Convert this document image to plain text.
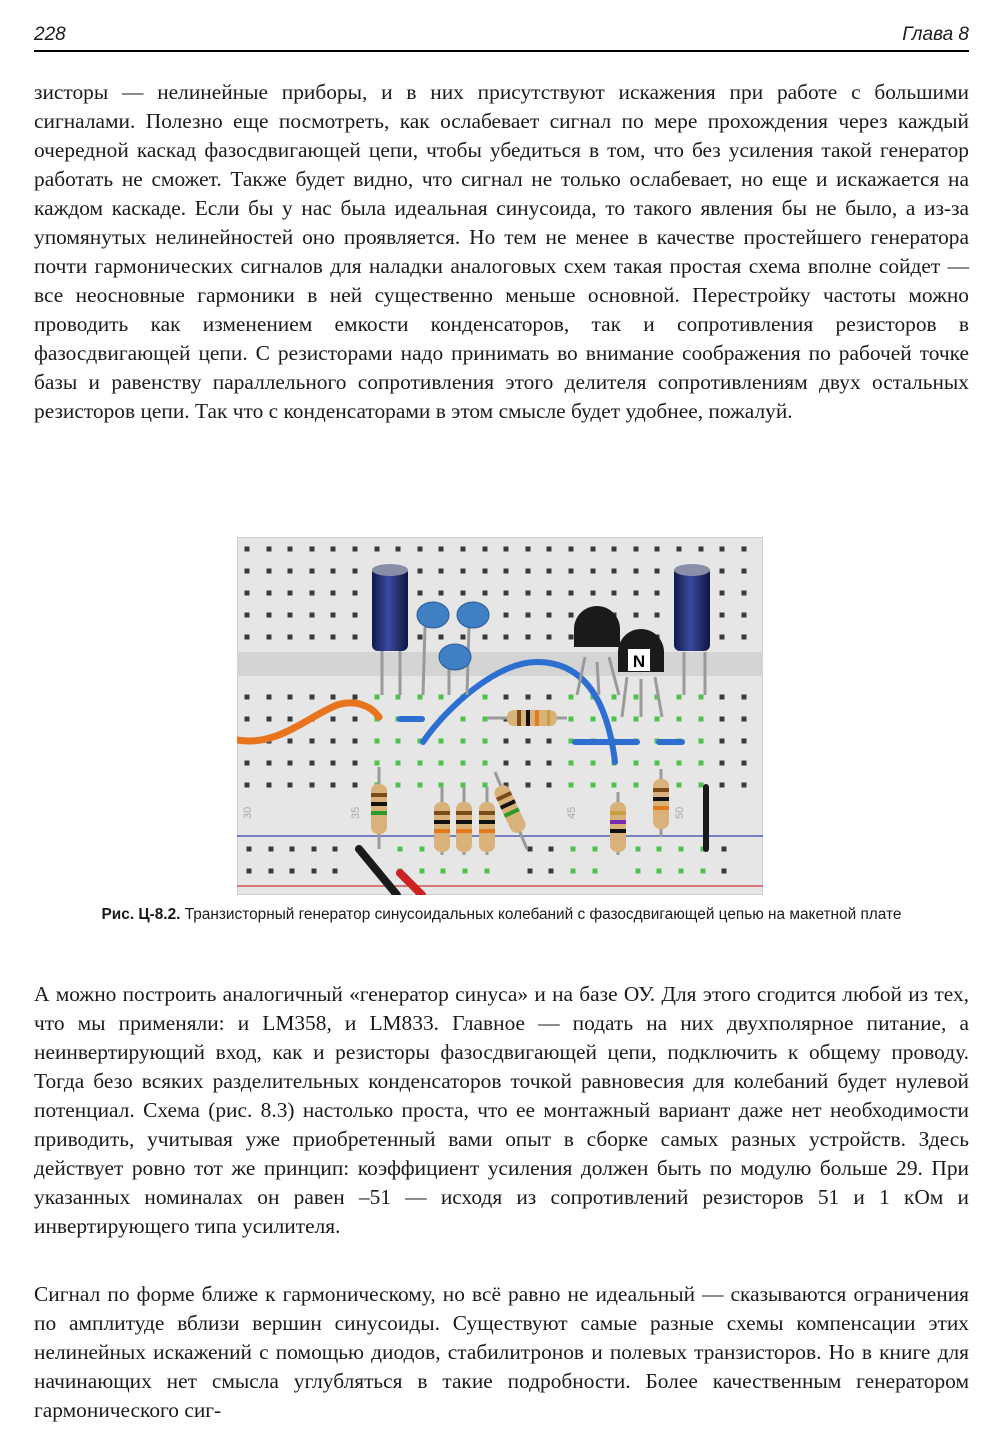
228	Глава 8

зисторы — нелинейные приборы, и в них присутствуют искажения при работе с большими сигналами. Полезно еще посмотреть, как ослабевает сигнал по мере прохождения через каждый очередной каскад фазосдвигающей цепи, чтобы убедиться в том, что без усиления такой генератор работать не сможет. Также будет видно, что сигнал не только ослабевает, но еще и искажается на каждом каскаде. Если бы у нас была идеальная синусоида, то такого явления бы не было, а из-за упомянутых нелинейностей оно проявляется. Но тем не менее в качестве простейшего генератора почти гармонических сигналов для наладки аналоговых схем такая простая схема вполне сойдет — все неосновные гармоники в ней существенно меньше основной. Перестройку частоты можно проводить как изменением емкости конденсаторов, так и сопротивления резисторов в фазосдвигающей цепи. С резисторами надо принимать во внимание соображения по рабочей точке базы и равенству параллельного сопротивления этого делителя сопротивлениям двух остальных резисторов цепи. Так что с конденсаторами в этом смысле будет удобнее, пожалуй.

30	35	45	50
N
Рис. Ц-8.2. Транзисторный генератор синусоидальных колебаний с фазосдвигающей цепью на макетной плате

А можно построить аналогичный «генератор синуса» и на базе ОУ. Для этого сгодится любой из тех, что мы применяли: и LM358, и LM833. Главное — подать на них двухполярное питание, а неинвертирующий вход, как и резисторы фазосдвигающей цепи, подключить к общему проводу. Тогда безо всяких разделительных конденсаторов точкой равновесия для колебаний будет нулевой потенциал. Схема (рис. 8.3) настолько проста, что ее монтажный вариант даже нет необходимости приводить, учитывая уже приобретенный вами опыт в сборке самых разных устройств. Здесь действует ровно тот же принцип: коэффициент усиления должен быть по модулю больше 29. При указанных номиналах он равен –51 — исходя из сопротивлений резисторов 51 и 1 кОм и инвертирующего типа усилителя.

Сигнал по форме ближе к гармоническому, но всё равно не идеальный — сказываются ограничения по амплитуде вблизи вершин синусоиды. Существуют самые разные схемы компенсации этих нелинейных искажений с помощью диодов, стабилитронов и полевых транзисторов. Но в книге для начинающих нет смысла углубляться в такие подробности. Более качественным генератором гармонического сиг-
